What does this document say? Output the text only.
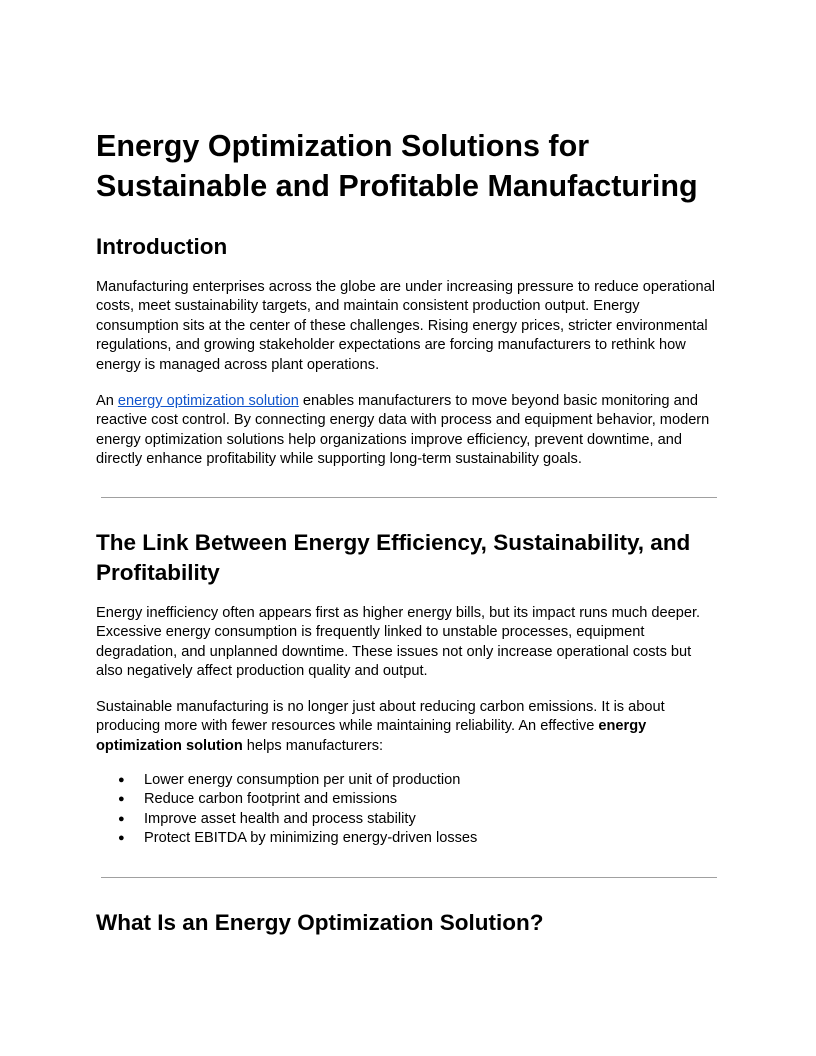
Energy Optimization Solutions for Sustainable and Profitable Manufacturing
Introduction

Manufacturing enterprises across the globe are under increasing pressure to reduce operational costs, meet sustainability targets, and maintain consistent production output. Energy consumption sits at the center of these challenges. Rising energy prices, stricter environmental regulations, and growing stakeholder expectations are forcing manufacturers to rethink how energy is managed across plant operations.

An energy optimization solution enables manufacturers to move beyond basic monitoring and reactive cost control. By connecting energy data with process and equipment behavior, modern energy optimization solutions help organizations improve efficiency, prevent downtime, and directly enhance profitability while supporting long-term sustainability goals.

The Link Between Energy Efficiency, Sustainability, and Profitability

Energy inefficiency often appears first as higher energy bills, but its impact runs much deeper. Excessive energy consumption is frequently linked to unstable processes, equipment degradation, and unplanned downtime. These issues not only increase operational costs but also negatively affect production quality and output.

Sustainable manufacturing is no longer just about reducing carbon emissions. It is about producing more with fewer resources while maintaining reliability. An effective energy optimization solution helps manufacturers:

● Lower energy consumption per unit of production
● Reduce carbon footprint and emissions
● Improve asset health and process stability
● Protect EBITDA by minimizing energy-driven losses
What Is an Energy Optimization Solution?
